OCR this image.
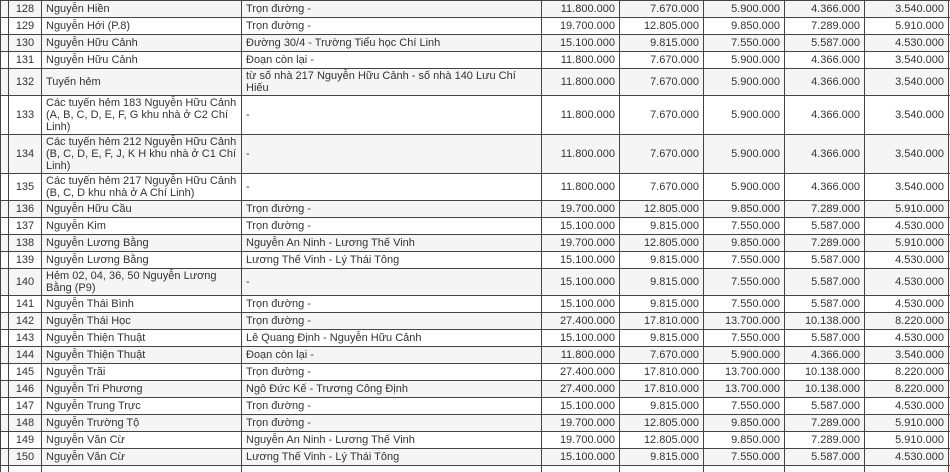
	128	Nguyễn Hiền	Trọn đường -	11.800.000	7.670.000	5.900.000	4.366.000	3.540.000	
	129	Nguyễn Hới (P.8)	Trọn đường -	19.700.000	12.805.000	9.850.000	7.289.000	5.910.000	
	130	Nguyễn Hữu Cảnh	Đường 30/4 - Trường Tiểu học Chí Linh	15.100.000	9.815.000	7.550.000	5.587.000	4.530.000	
	131	Nguyễn Hữu Cảnh	Đoạn còn lại -	11.800.000	7.670.000	5.900.000	4.366.000	3.540.000	
	132	Tuyến hẻm	từ số nhà 217 Nguyễn Hữu Cảnh - số nhà 140 Lưu Chí Hiếu	11.800.000	7.670.000	5.900.000	4.366.000	3.540.000	
	133	Các tuyến hẻm 183 Nguyễn Hữu Cảnh (A, B, C, D, E, F, G khu nhà ở C2 Chí Linh)	-	11.800.000	7.670.000	5.900.000	4.366.000	3.540.000	
	134	Các tuyến hẻm 212 Nguyễn Hữu Cảnh (B, C, D, E, F, J, K H khu nhà ở C1 Chí Linh)	-	11.800.000	7.670.000	5.900.000	4.366.000	3.540.000	
	135	Các tuyến hẻm 217 Nguyễn Hữu Cảnh (B, C, D khu nhà ở A Chí Linh)	-	11.800.000	7.670.000	5.900.000	4.366.000	3.540.000	
	136	Nguyễn Hữu Cầu	Trọn đường -	19.700.000	12.805.000	9.850.000	7.289.000	5.910.000	
	137	Nguyễn Kim	Trọn đường -	15.100.000	9.815.000	7.550.000	5.587.000	4.530.000	
	138	Nguyễn Lương Bằng	Nguyễn An Ninh - Lương Thế Vinh	19.700.000	12.805.000	9.850.000	7.289.000	5.910.000	
	139	Nguyễn Lương Bằng	Lương Thế Vinh - Lý Thái Tông	15.100.000	9.815.000	7.550.000	5.587.000	4.530.000	
	140	Hẻm 02, 04, 36, 50 Nguyễn Lương Bằng (P9)	-	15.100.000	9.815.000	7.550.000	5.587.000	4.530.000	
	141	Nguyễn Thái Bình	Trọn đường -	15.100.000	9.815.000	7.550.000	5.587.000	4.530.000	
	142	Nguyễn Thái Học	Trọn đường -	27.400.000	17.810.000	13.700.000	10.138.000	8.220.000	
	143	Nguyễn Thiện Thuật	Lê Quang Định - Nguyễn Hữu Cảnh	15.100.000	9.815.000	7.550.000	5.587.000	4.530.000	
	144	Nguyễn Thiện Thuật	Đoạn còn lại -	11.800.000	7.670.000	5.900.000	4.366.000	3.540.000	
	145	Nguyễn Trãi	Trọn đường -	27.400.000	17.810.000	13.700.000	10.138.000	8.220.000	
	146	Nguyễn Tri Phương	Ngô Đức Kế - Trương Công Định	27.400.000	17.810.000	13.700.000	10.138.000	8.220.000	
	147	Nguyễn Trung Trực	Trọn đường -	15.100.000	9.815.000	7.550.000	5.587.000	4.530.000	
	148	Nguyễn Trường Tộ	Trọn đường -	19.700.000	12.805.000	9.850.000	7.289.000	5.910.000	
	149	Nguyễn Văn Cừ	Nguyễn An Ninh - Lương Thế Vinh	19.700.000	12.805.000	9.850.000	7.289.000	5.910.000	
	150	Nguyễn Văn Cừ	Lương Thế Vinh - Lý Thái Tông	15.100.000	9.815.000	7.550.000	5.587.000	4.530.000	
